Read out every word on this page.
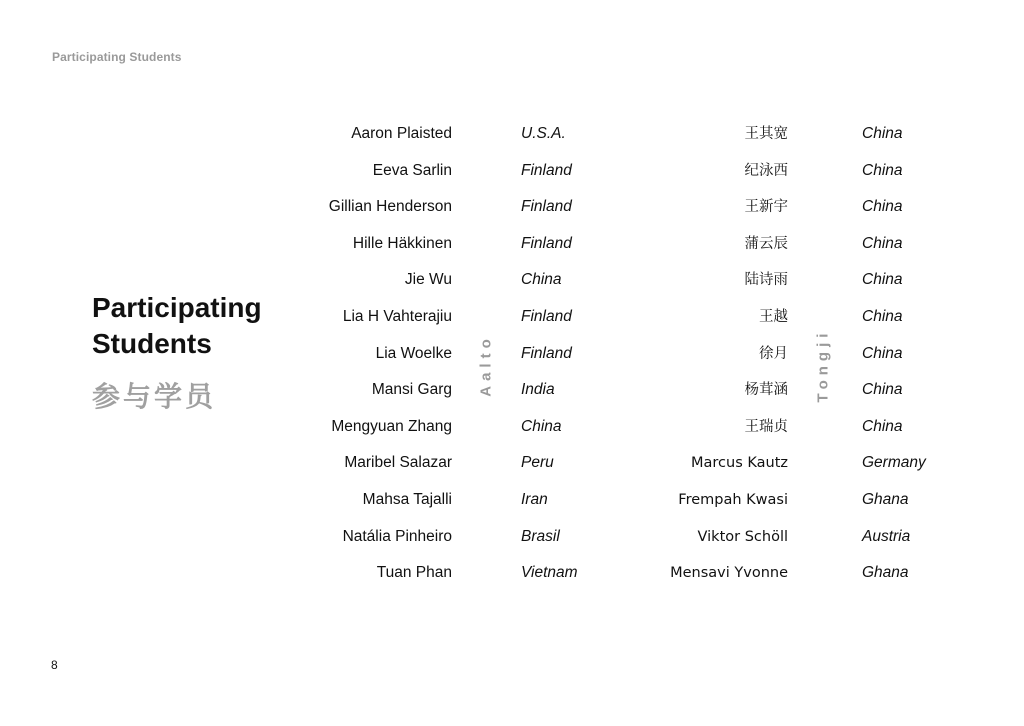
Participating Students
Participating
Students
参与学员	Aalto	Tongji
Aaron Plaisted
Eeva Sarlin
Gillian Henderson
Hille Häkkinen
Jie Wu
Lia H Vahterajiu
Lia Woelke
Mansi Garg
Mengyuan Zhang
Maribel Salazar
Mahsa Tajalli
Natália Pinheiro
Tuan Phan
U.S.A.
Finland
Finland
Finland
China
Finland
Finland
India
China
Peru
Iran
Brasil
Vietnam
王其宽
纪泳西
王新宇
蒲云辰
陆诗雨
王越
徐月
杨茸涵
王瑞贞
Marcus Kautz
Frempah Kwasi
Viktor Schöll
Mensavi Yvonne
China
China
China
China
China
China
China
China
China
Germany
Ghana
Austria
Ghana
8
